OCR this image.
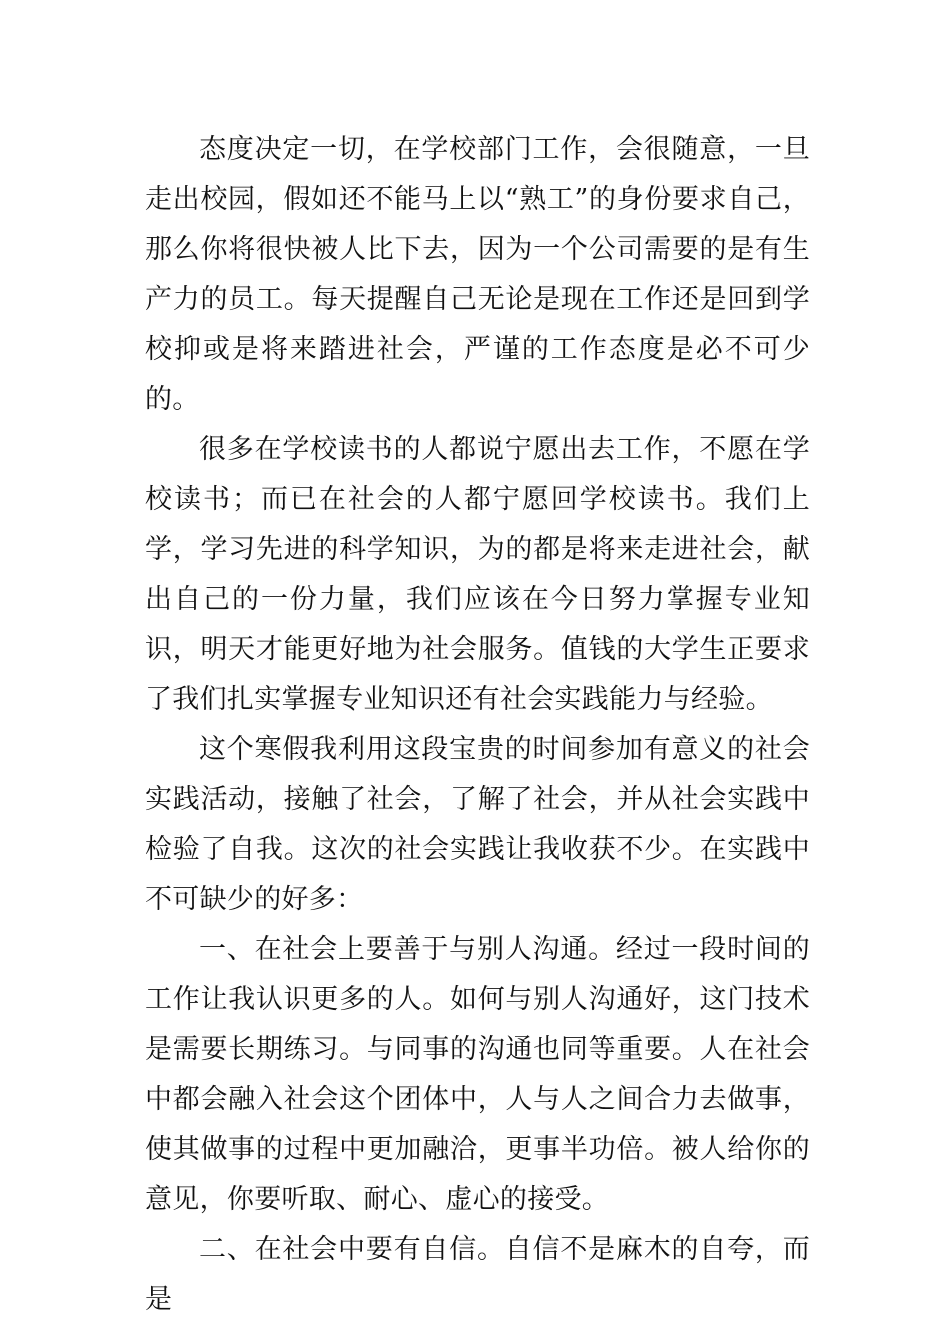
态度决定一切，在学校部门工作，会很随意，一旦走出校园，假如还不能马上以“熟工”的身份要求自己，那么你将很快被人比下去，因为一个公司需要的是有生产力的员工。每天提醒自己无论是现在工作还是回到学校抑或是将来踏进社会，严谨的工作态度是必不可少的。

很多在学校读书的人都说宁愿出去工作，不愿在学校读书；而已在社会的人都宁愿回学校读书。我们上学，学习先进的科学知识，为的都是将来走进社会，献出自己的一份力量，我们应该在今日努力掌握专业知识，明天才能更好地为社会服务。值钱的大学生正要求了我们扎实掌握专业知识还有社会实践能力与经验。

这个寒假我利用这段宝贵的时间参加有意义的社会实践活动，接触了社会，了解了社会，并从社会实践中检验了自我。这次的社会实践让我收获不少。在实践中不可缺少的好多：

一、在社会上要善于与别人沟通。经过一段时间的工作让我认识更多的人。如何与别人沟通好，这门技术是需要长期练习。与同事的沟通也同等重要。人在社会中都会融入社会这个团体中，人与人之间合力去做事，使其做事的过程中更加融洽，更事半功倍。被人给你的意见，你要听取、耐心、虚心的接受。

二、在社会中要有自信。自信不是麻木的自夸，而是
